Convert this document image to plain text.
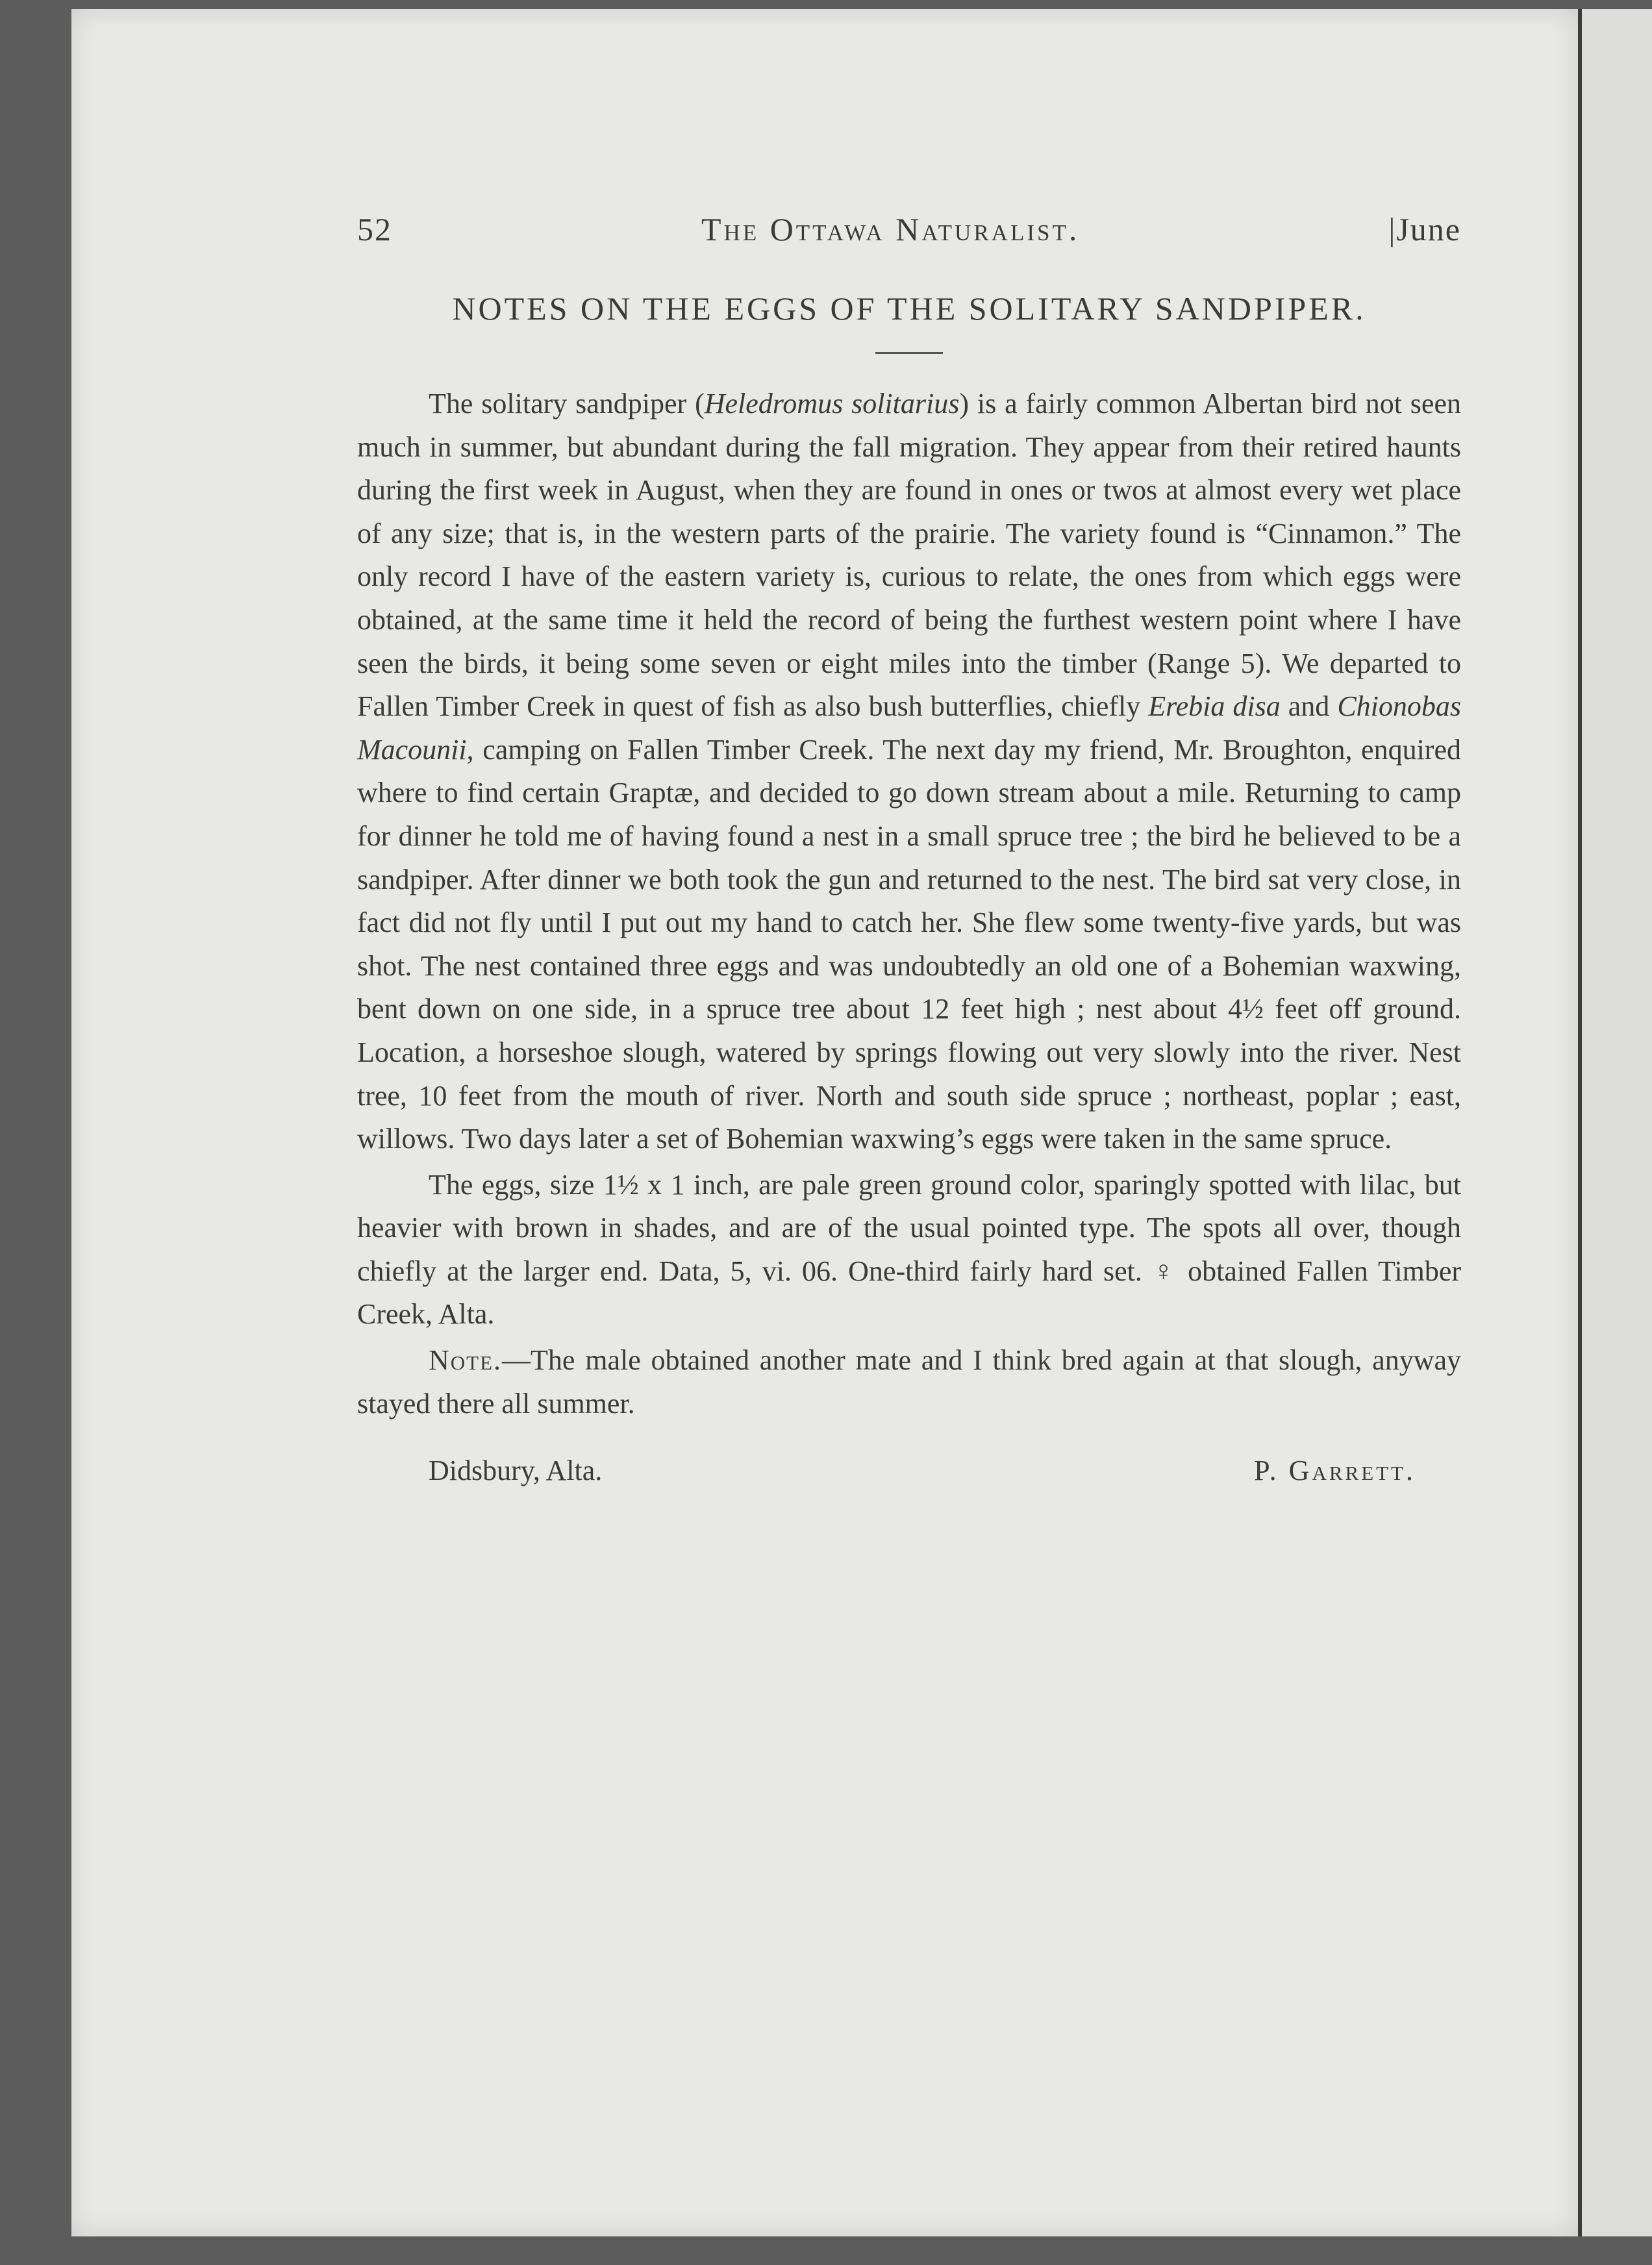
52	The Ottawa Naturalist.	|June
NOTES ON THE EGGS OF THE SOLITARY SANDPIPER.

The solitary sandpiper (Heledromus solitarius) is a fairly common Albertan bird not seen much in summer, but abundant during the fall migration. They appear from their retired haunts during the first week in August, when they are found in ones or twos at almost every wet place of any size; that is, in the western parts of the prairie. The variety found is “Cinnamon.” The only record I have of the eastern variety is, curious to relate, the ones from which eggs were obtained, at the same time it held the record of being the furthest western point where I have seen the birds, it being some seven or eight miles into the timber (Range 5). We departed to Fallen Timber Creek in quest of fish as also bush butterflies, chiefly Erebia disa and Chionobas Macounii, camping on Fallen Timber Creek. The next day my friend, Mr. Broughton, enquired where to find certain Graptæ, and decided to go down stream about a mile. Returning to camp for dinner he told me of having found a nest in a small spruce tree ; the bird he believed to be a sandpiper. After dinner we both took the gun and returned to the nest. The bird sat very close, in fact did not fly until I put out my hand to catch her. She flew some twenty-five yards, but was shot. The nest contained three eggs and was undoubtedly an old one of a Bohemian waxwing, bent down on one side, in a spruce tree about 12 feet high ; nest about 4½ feet off ground. Location, a horseshoe slough, watered by springs flowing out very slowly into the river. Nest tree, 10 feet from the mouth of river. North and south side spruce ; northeast, poplar ; east, willows. Two days later a set of Bohemian waxwing’s eggs were taken in the same spruce.

The eggs, size 1½ x 1 inch, are pale green ground color, sparingly spotted with lilac, but heavier with brown in shades, and are of the usual pointed type. The spots all over, though chiefly at the larger end. Data, 5, vi. 06. One-third fairly hard set. ♀ obtained Fallen Timber Creek, Alta.

Note.—The male obtained another mate and I think bred again at that slough, anyway stayed there all summer.

Didsbury, Alta.	P. Garrett.
